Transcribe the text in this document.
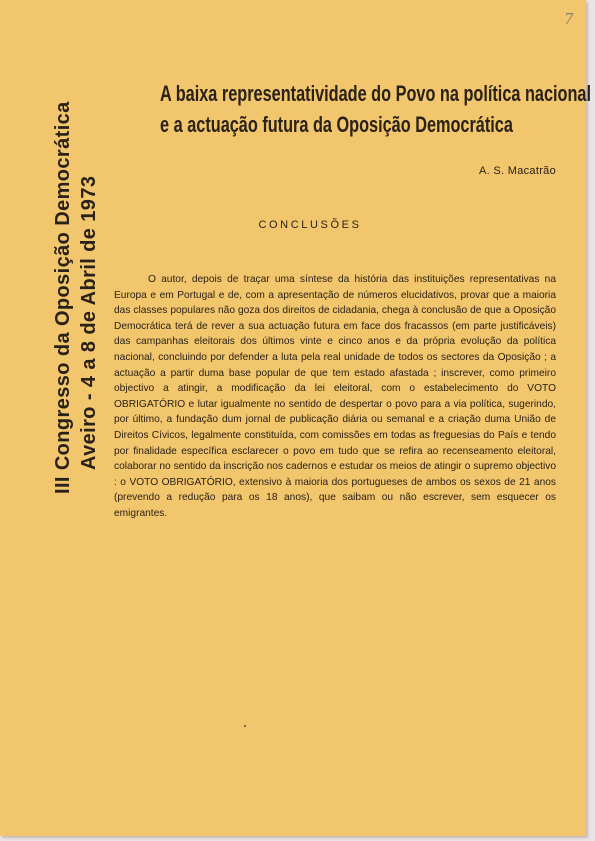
7
A baixa representatividade do Povo na política nacional
e a actuação futura da Oposição Democrática
A. S. Macatrão
CONCLUSÕES

O autor, depois de traçar uma síntese da história das instituições representativas na Europa e em Portugal e de, com a apresentação de números elucidativos, provar que a maioria das classes populares não goza dos direitos de cidadania, chega à conclusão de que a Oposição Democrática terá de rever a sua actuação futura em face dos fracassos (em parte justificáveis) das campanhas eleitorais dos últimos vinte e cinco anos e da própria evolução da política nacional, concluindo por defender a luta pela real unidade de todos os sectores da Oposição ; a actuação a partir duma base popular de que tem estado afastada ; inscrever, como primeiro objectivo a atingir, a modificação da lei eleitoral, com o estabelecimento do VOTO OBRIGATÓRIO e lutar igualmente no sentido de despertar o povo para a via política, sugerindo, por último, a fundação dum jornal de publicação diária ou semanal e a criação duma União de Direitos Cívicos, legalmente constituída, com comissões em todas as freguesias do País e tendo por finalidade específica esclarecer o povo em tudo que se refira ao recenseamento eleitoral, colaborar no sentido da inscrição nos cadernos e estudar os meios de atingir o supremo objectivo : o VOTO OBRIGATÓRIO, extensivo à maioria dos portugueses de ambos os sexos de 21 anos (prevendo a redução para os 18 anos), que saibam ou não escrever, sem esquecer os emigrantes.

III Congresso da Oposição Democrática Aveiro - 4 a 8 de Abril de 1973
